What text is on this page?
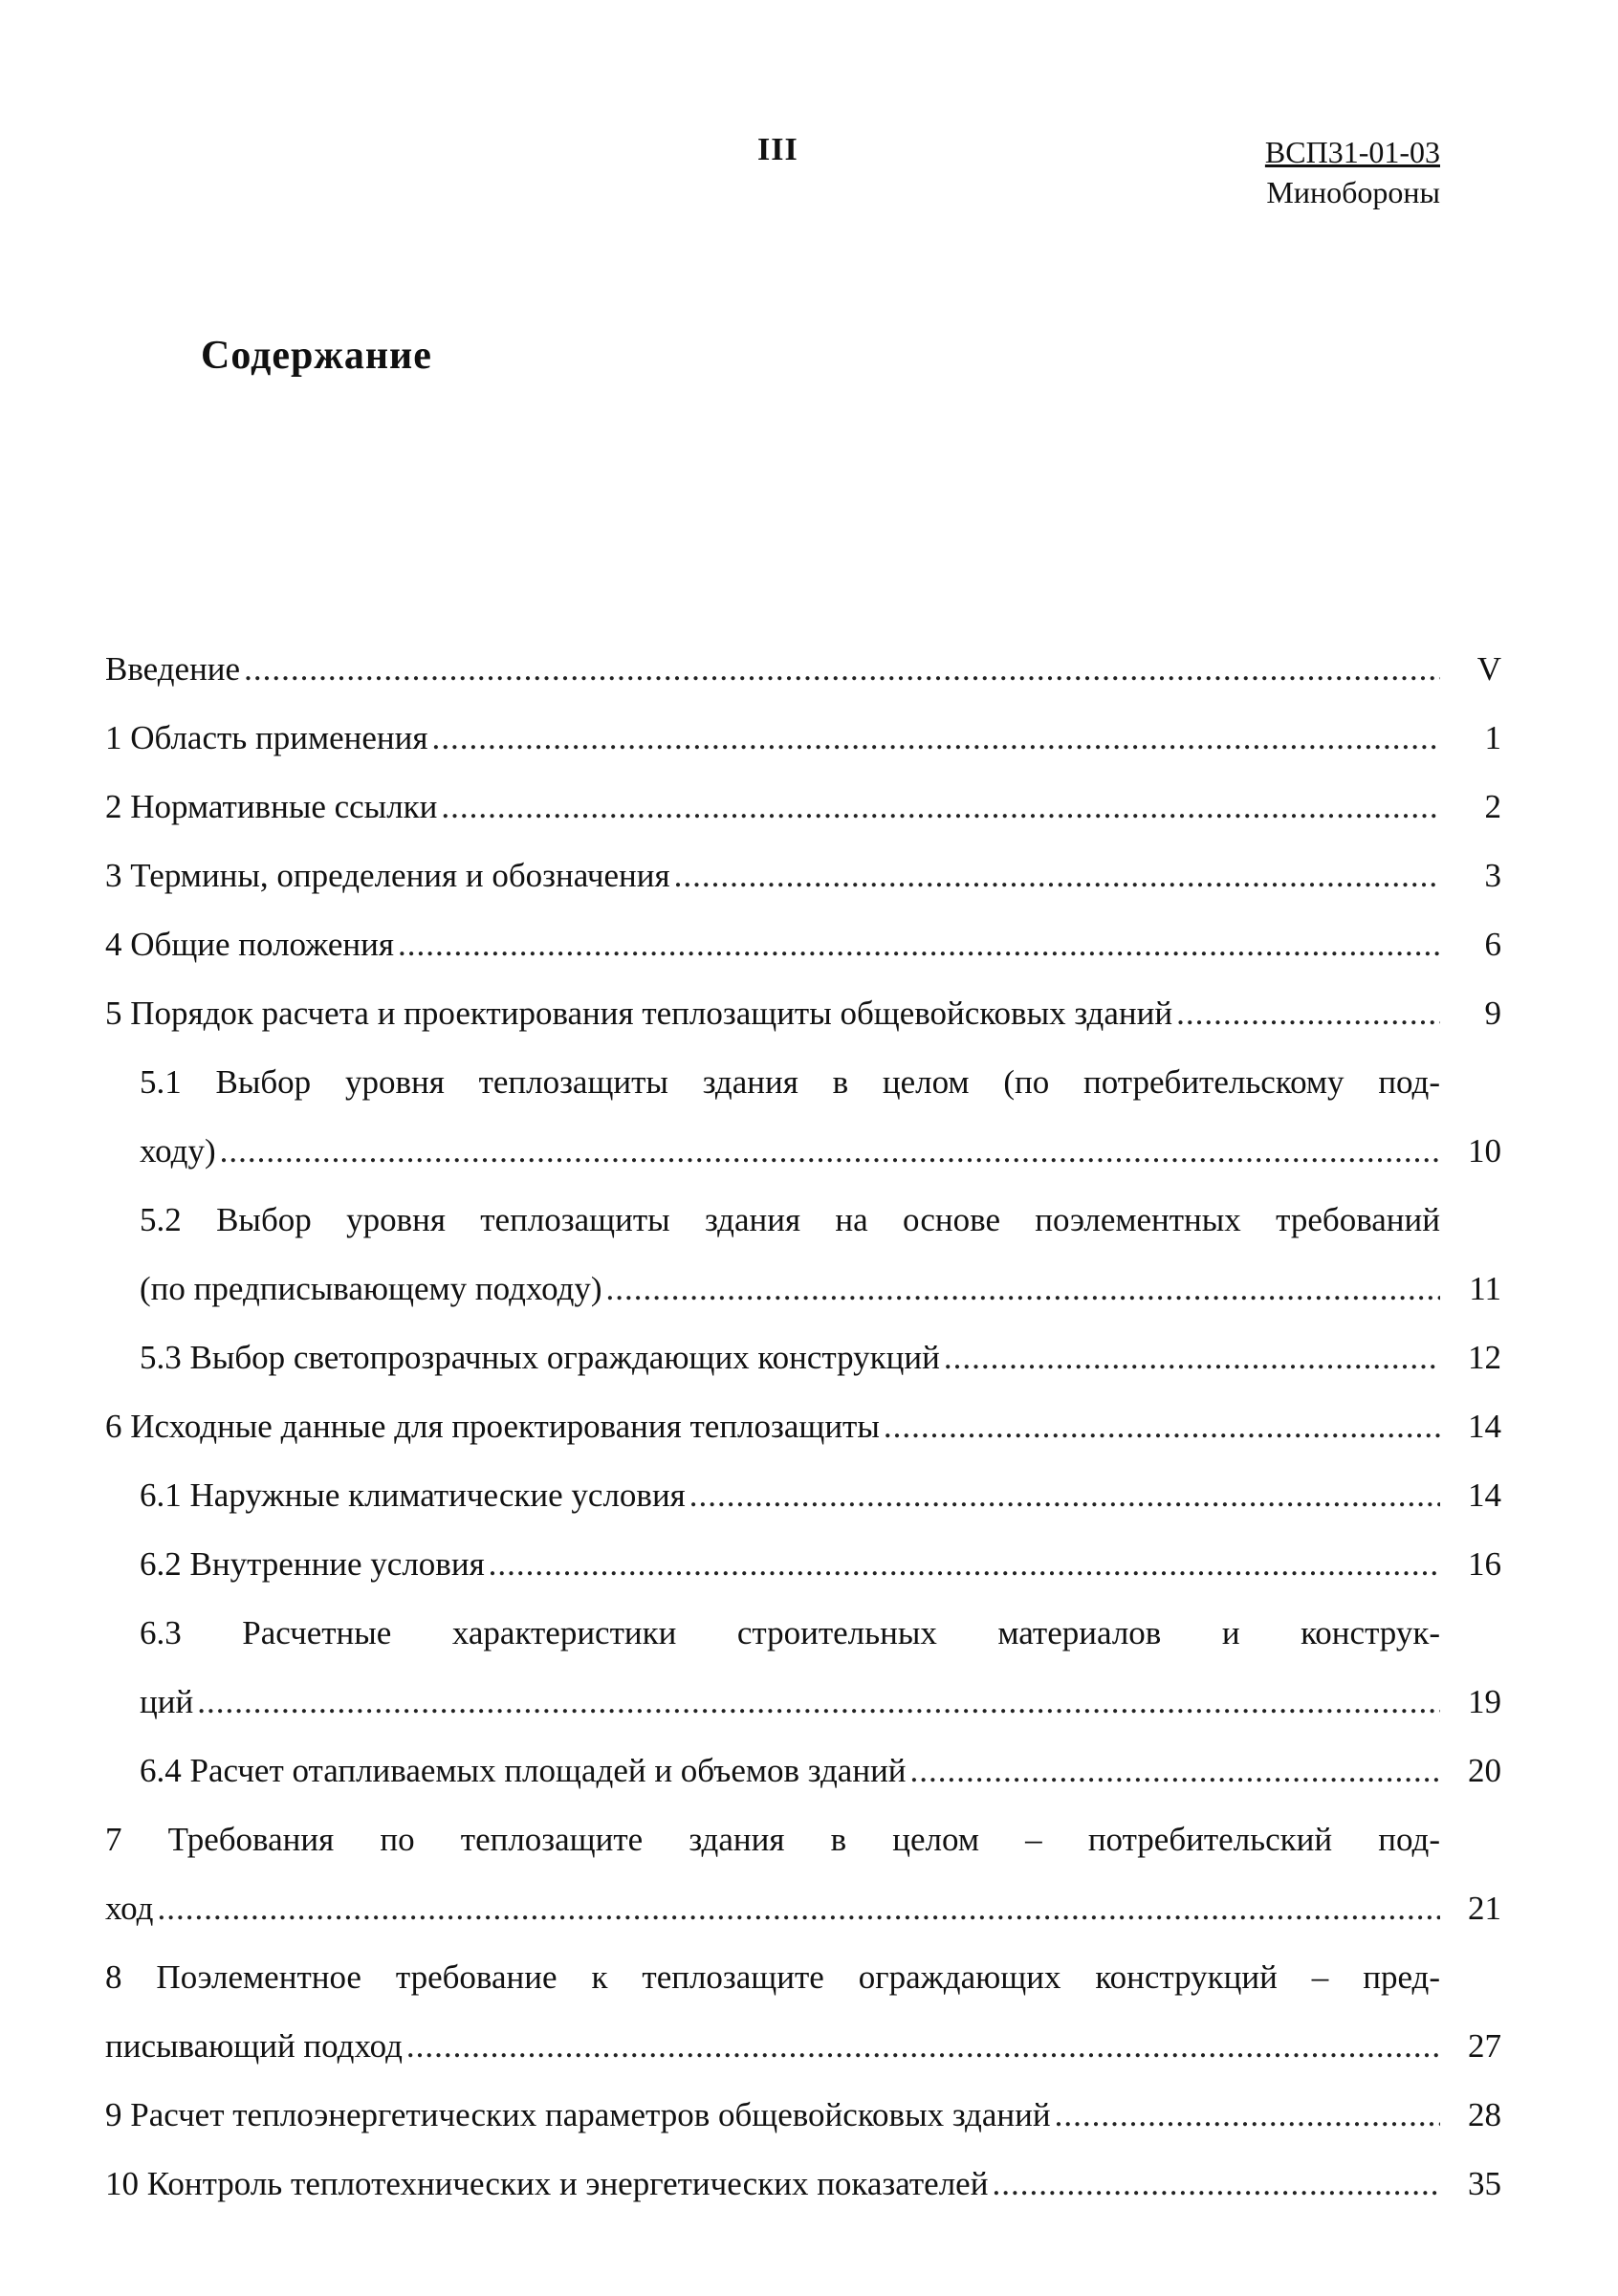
III	ВСП31-01-03
Минобороны
Содержание
Введение .....	V
1 Область применения .....	1
2 Нормативные ссылки .....	2
3 Термины, определения и обозначения .....	3
4 Общие положения .....	6
5 Порядок расчета и проектирования теплозащиты общевойсковых зданий .....	9
5.1 Выбор уровня теплозащиты здания в целом (по потребительскому под-
ходу) .....	10
5.2 Выбор уровня теплозащиты здания на основе поэлементных требований
(по предписывающему подходу) .....	11
5.3 Выбор светопрозрачных ограждающих конструкций .....	12
6 Исходные данные для проектирования теплозащиты .....	14
6.1 Наружные климатические условия .....	14
6.2 Внутренние условия .....	16
6.3 Расчетные характеристики строительных материалов и конструк-
ций .....	19
6.4 Расчет отапливаемых площадей и объемов зданий .....	20
7 Требования по теплозащите здания в целом – потребительский под-
ход .....	21
8 Поэлементное требование к теплозащите ограждающих конструкций – пред-
писывающий подход .....	27
9 Расчет теплоэнергетических параметров общевойсковых зданий .....	28
10 Контроль теплотехнических и энергетических показателей .....	35
